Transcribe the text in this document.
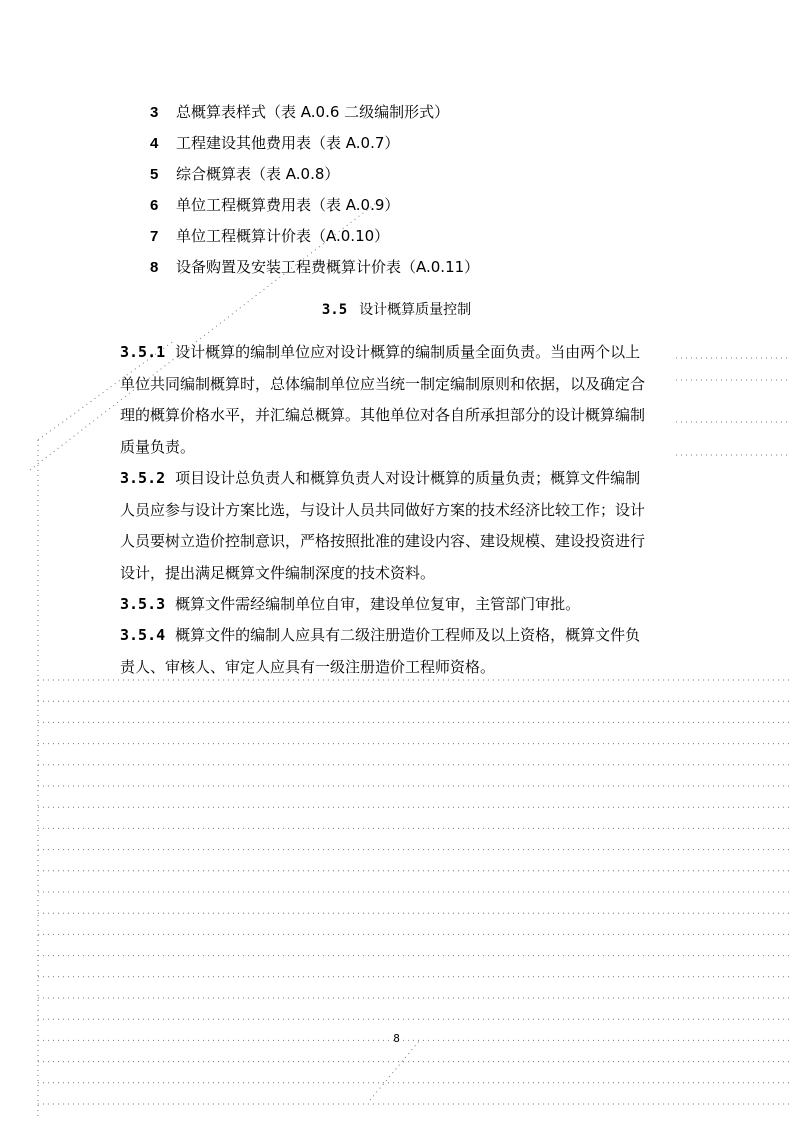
3 总概算表样式（表 A.0.6 二级编制形式）
4 工程建设其他费用表（表 A.0.7）
5 综合概算表（表 A.0.8）
6 单位工程概算费用表（表 A.0.9）
7 单位工程概算计价表（A.0.10）
8 设备购置及安装工程费概算计价表（A.0.11）
3.5 设计概算质量控制
3.5.1 设计概算的编制单位应对设计概算的编制质量全面负责。当由两个以上
单位共同编制概算时，总体编制单位应当统一制定编制原则和依据，以及确定合
理的概算价格水平，并汇编总概算。其他单位对各自所承担部分的设计概算编制
质量负责。
3.5.2 项目设计总负责人和概算负责人对设计概算的质量负责；概算文件编制
人员应参与设计方案比选，与设计人员共同做好方案的技术经济比较工作；设计
人员要树立造价控制意识，严格按照批准的建设内容、建设规模、建设投资进行
设计，提出满足概算文件编制深度的技术资料。
3.5.3 概算文件需经编制单位自审，建设单位复审，主管部门审批。
3.5.4 概算文件的编制人应具有二级注册造价工程师及以上资格，概算文件负
责人、审核人、审定人应具有一级注册造价工程师资格。
8
